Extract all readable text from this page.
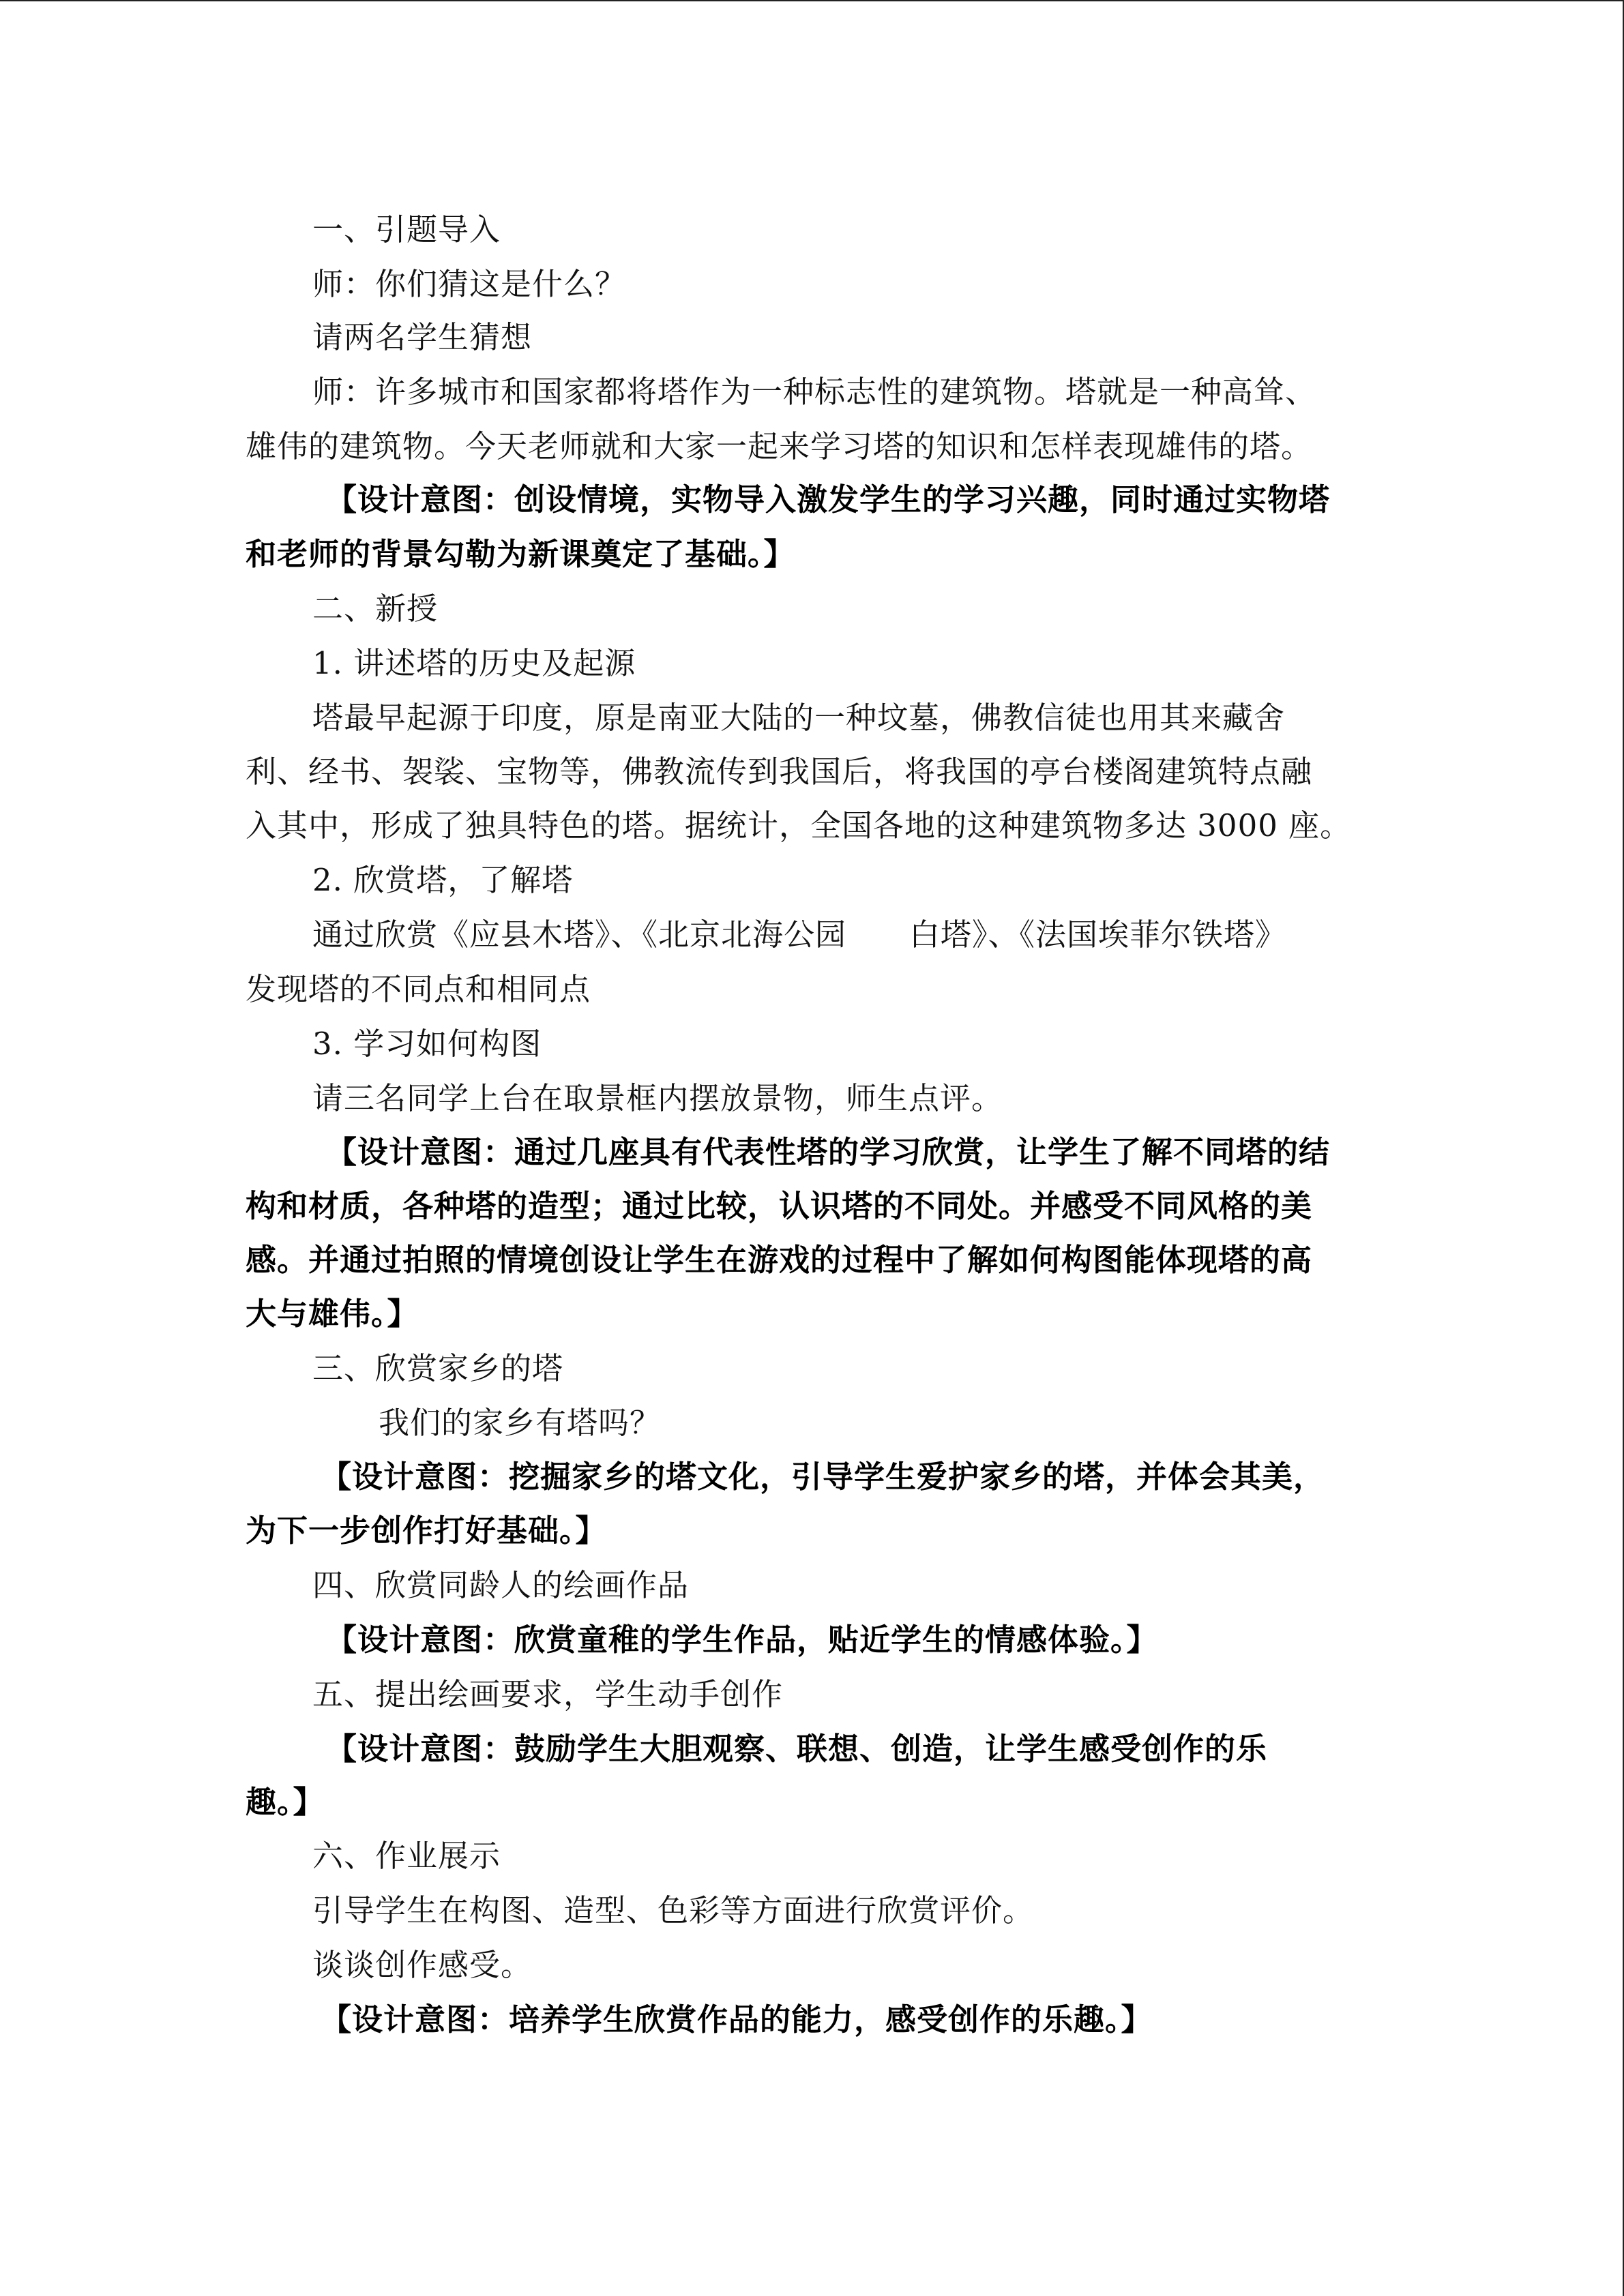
一、引题导入
师：你们猜这是什么？
请两名学生猜想
师：许多城市和国家都将塔作为一种标志性的建筑物。塔就是一种高耸、
雄伟的建筑物。今天老师就和大家一起来学习塔的知识和怎样表现雄伟的塔。
【设计意图：创设情境，实物导入激发学生的学习兴趣，同时通过实物塔
和老师的背景勾勒为新课奠定了基础。】
二、新授
1. 讲述塔的历史及起源
塔最早起源于印度，原是南亚大陆的一种坟墓，佛教信徒也用其来藏舍
利、经书、袈裟、宝物等，佛教流传到我国后，将我国的亭台楼阁建筑特点融
入其中，形成了独具特色的塔。据统计，全国各地的这种建筑物多达 3000 座。
2. 欣赏塔，了解塔
通过欣赏《应县木塔》、《北京北海公园　　白塔》、《法国埃菲尔铁塔》
发现塔的不同点和相同点
3. 学习如何构图
请三名同学上台在取景框内摆放景物，师生点评。
【设计意图：通过几座具有代表性塔的学习欣赏，让学生了解不同塔的结
构和材质，各种塔的造型；通过比较，认识塔的不同处。并感受不同风格的美
感。并通过拍照的情境创设让学生在游戏的过程中了解如何构图能体现塔的高
大与雄伟。】
三、欣赏家乡的塔
我们的家乡有塔吗？
【设计意图：挖掘家乡的塔文化，引导学生爱护家乡的塔，并体会其美，
为下一步创作打好基础。】
四、欣赏同龄人的绘画作品
【设计意图：欣赏童稚的学生作品，贴近学生的情感体验。】
五、提出绘画要求，学生动手创作
【设计意图：鼓励学生大胆观察、联想、创造，让学生感受创作的乐
趣。】
六、作业展示
引导学生在构图、造型、色彩等方面进行欣赏评价。
谈谈创作感受。
【设计意图：培养学生欣赏作品的能力，感受创作的乐趣。】
